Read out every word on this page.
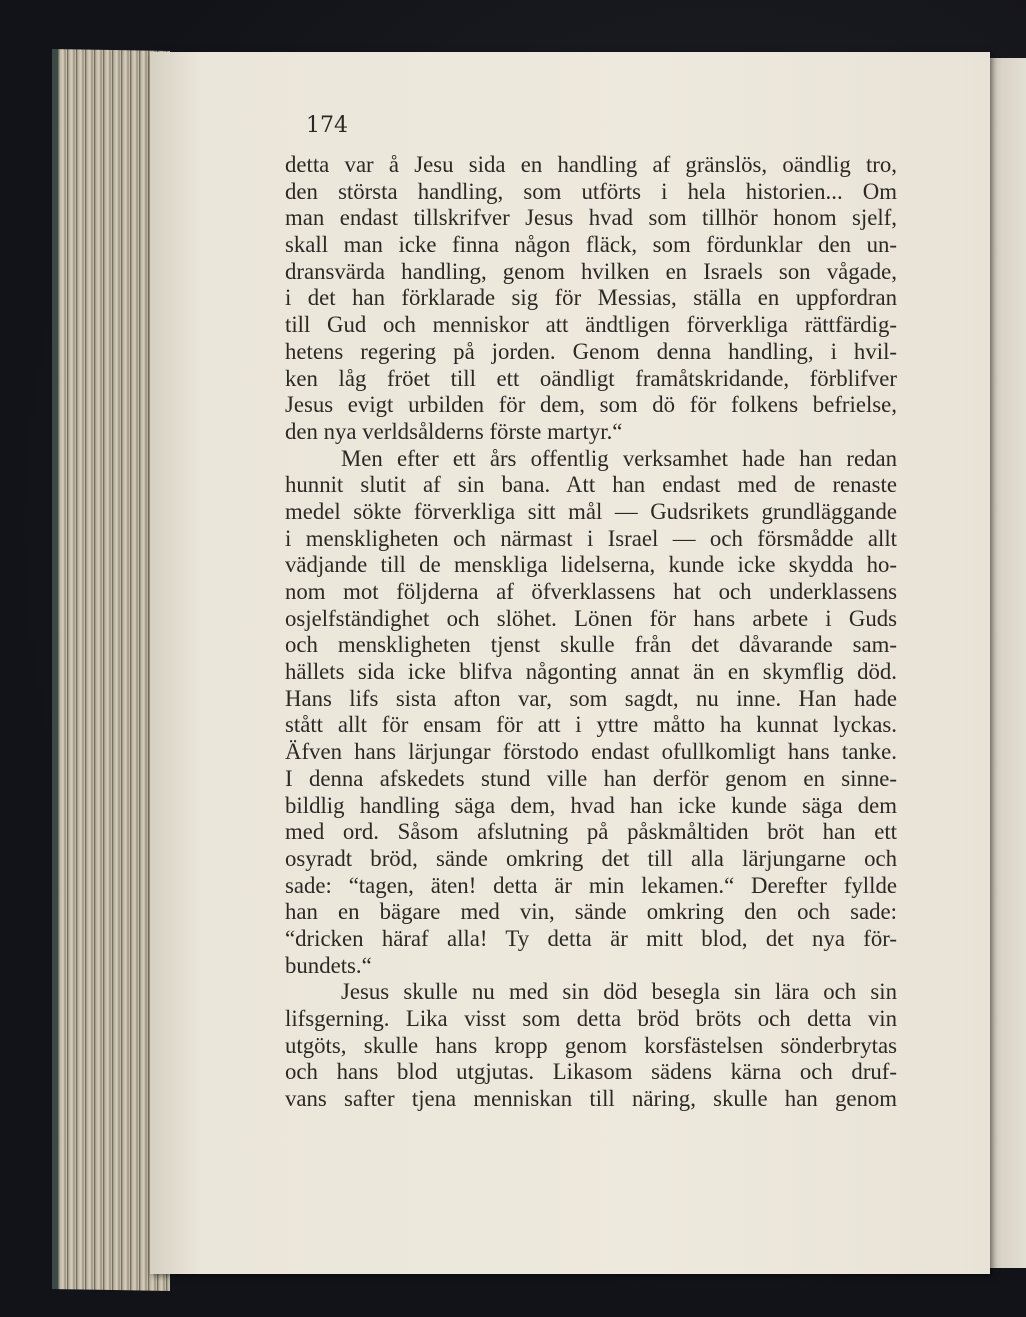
174
detta var å Jesu sida en handling af gränslös, oändlig tro,
den största handling, som utförts i hela historien... Om
man endast tillskrifver Jesus hvad som tillhör honom sjelf,
skall man icke finna någon fläck, som fördunklar den un-
dransvärda handling, genom hvilken en Israels son vågade,
i det han förklarade sig för Messias, ställa en uppfordran
till Gud och menniskor att ändtligen förverkliga rättfärdig-
hetens regering på jorden. Genom denna handling, i hvil-
ken låg fröet till ett oändligt framåtskridande, förblifver
Jesus evigt urbilden för dem, som dö för folkens befrielse,
den nya verldsålderns förste martyr.“
Men efter ett års offentlig verksamhet hade han redan
hunnit slutit af sin bana. Att han endast med de renaste
medel sökte förverkliga sitt mål — Gudsrikets grundläggande
i menskligheten och närmast i Israel — och försmådde allt
vädjande till de menskliga lidelserna, kunde icke skydda ho-
nom mot följderna af öfverklassens hat och underklassens
osjelfständighet och slöhet. Lönen för hans arbete i Guds
och menskligheten tjenst skulle från det dåvarande sam-
hällets sida icke blifva någonting annat än en skymflig död.
Hans lifs sista afton var, som sagdt, nu inne. Han hade
stått allt för ensam för att i yttre måtto ha kunnat lyckas.
Äfven hans lärjungar förstodo endast ofullkomligt hans tanke.
I denna afskedets stund ville han derför genom en sinne-
bildlig handling säga dem, hvad han icke kunde säga dem
med ord. Såsom afslutning på påskmåltiden bröt han ett
osyradt bröd, sände omkring det till alla lärjungarne och
sade: “tagen, äten! detta är min lekamen.“ Derefter fyllde
han en bägare med vin, sände omkring den och sade:
“dricken häraf alla! Ty detta är mitt blod, det nya för-
bundets.“
Jesus skulle nu med sin död besegla sin lära och sin
lifsgerning. Lika visst som detta bröd bröts och detta vin
utgöts, skulle hans kropp genom korsfästelsen sönderbrytas
och hans blod utgjutas. Likasom sädens kärna och druf-
vans safter tjena menniskan till näring, skulle han genom
